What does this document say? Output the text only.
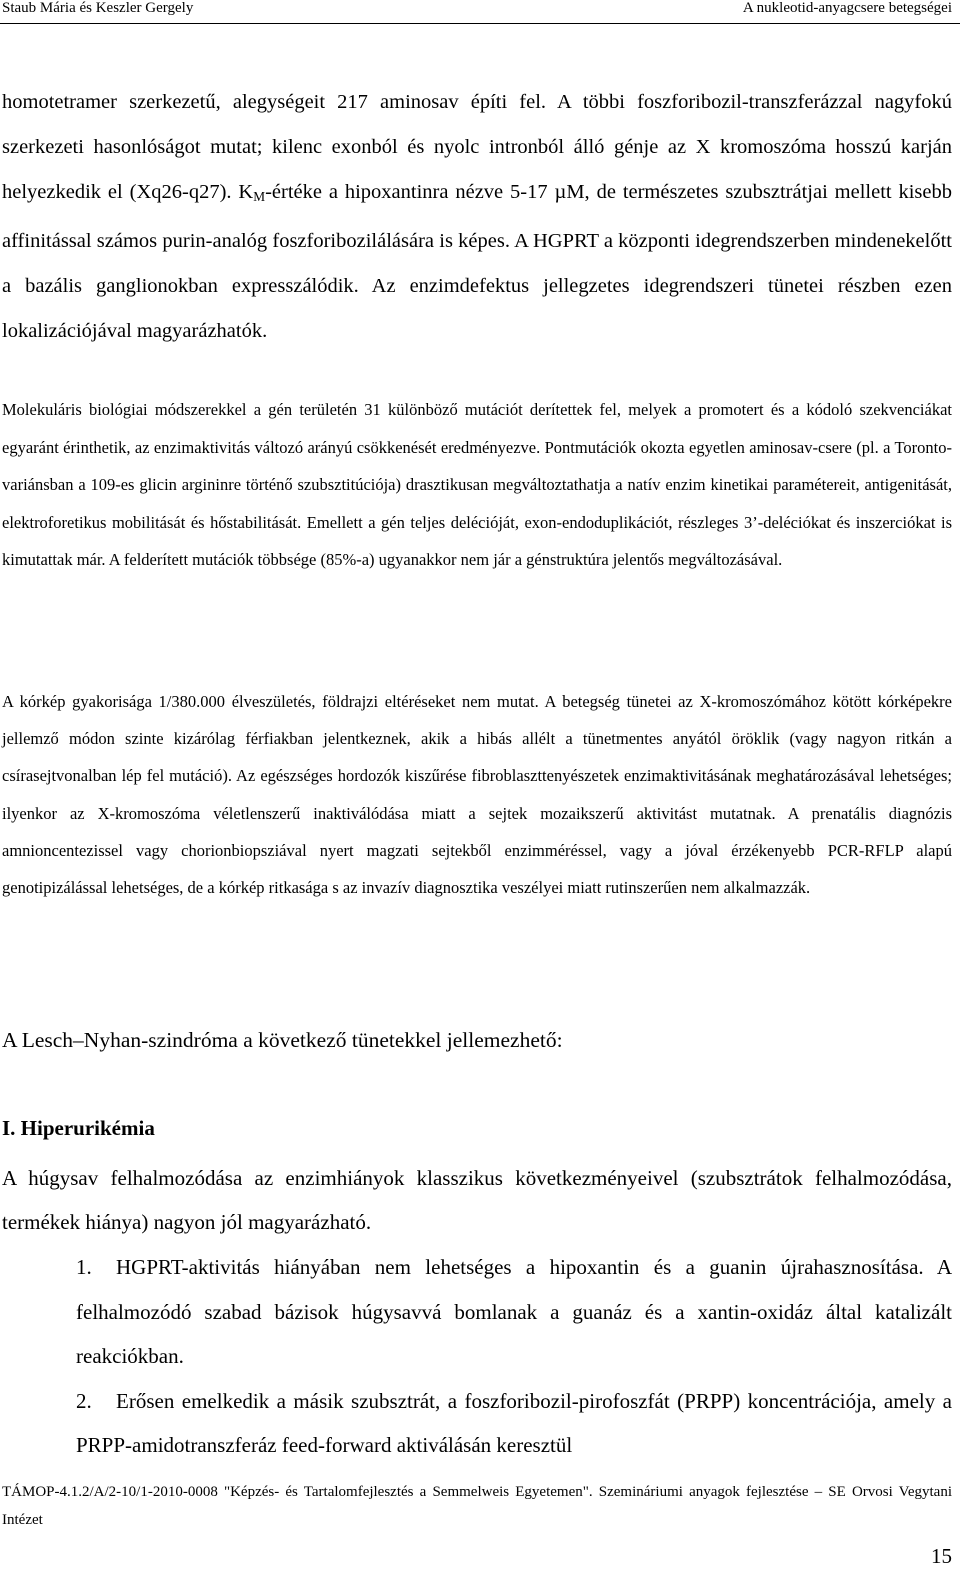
Staub Mária és Keszler Gergely	A nukleotid-anyagcsere betegségei

homotetramer szerkezetű, alegységeit 217 aminosav építi fel. A többi foszforibozil-transzferázzal nagyfokú szerkezeti hasonlóságot mutat; kilenc exonból és nyolc intronból álló génje az X kromoszóma hosszú karján helyezkedik el (Xq26-q27). $K_M$-értéke a hipoxantinra nézve 5-17 µM, de természetes szubsztrátjai mellett kisebb affinitással számos purin-analóg foszforibozilálására is képes. A HGPRT a központi idegrendszerben mindenekelőtt a bazális ganglionokban expresszálódik. Az enzimdefektus jellegzetes idegrendszeri tünetei részben ezen lokalizációjával magyarázhatók.

Molekuláris biológiai módszerekkel a gén területén 31 különböző mutációt derítettek fel, melyek a promotert és a kódoló szekvenciákat egyaránt érinthetik, az enzimaktivitás változó arányú csökkenését eredményezve. Pontmutációk okozta egyetlen aminosav-csere (pl. a Toronto-variánsban a 109-es glicin argininre történő szubsztitúciója) drasztikusan megváltoztathatja a natív enzim kinetikai paramétereit, antigenitását, elektroforetikus mobilitását és hőstabilitását. Emellett a gén teljes delécióját, exon-endoduplikációt, részleges 3’-deléciókat és inszerciókat is kimutattak már. A felderített mutációk többsége (85%-a) ugyanakkor nem jár a génstruktúra jelentős megváltozásával.

A kórkép gyakorisága 1/380.000 élveszületés, földrajzi eltéréseket nem mutat. A betegség tünetei az X-kromoszómához kötött kórképekre jellemző módon szinte kizárólag férfiakban jelentkeznek, akik a hibás allélt a tünetmentes anyától öröklik (vagy nagyon ritkán a csírasejtvonalban lép fel mutáció). Az egészséges hordozók kiszűrése fibroblaszttenyészetek enzimaktivitásának meghatározásával lehetséges; ilyenkor az X-kromoszóma véletlenszerű inaktiválódása miatt a sejtek mozaikszerű aktivitást mutatnak. A prenatális diagnózis amnioncentezissel vagy chorionbiopsziával nyert magzati sejtekből enzimméréssel, vagy a jóval érzékenyebb PCR-RFLP alapú genotipizálással lehetséges, de a kórkép ritkasága s az invazív diagnosztika veszélyei miatt rutinszerűen nem alkalmazzák.

A Lesch–Nyhan-szindróma a következő tünetekkel jellemezhető:

I. Hiperurikémia

A húgysav felhalmozódása az enzimhiányok klasszikus következményeivel (szubsztrátok felhalmozódása, termékek hiánya) nagyon jól magyarázható.

1.	HGPRT-aktivitás hiányában nem lehetséges a hipoxantin és a guanin újrahasznosítása. A felhalmozódó szabad bázisok húgysavvá bomlanak a guanáz és a xantin-oxidáz által katalizált reakciókban.
2.	Erősen emelkedik a másik szubsztrát, a foszforibozil-pirofoszfát (PRPP) koncentrációja, amely a PRPP-amidotranszferáz feed-forward aktiválásán keresztül

TÁMOP-4.1.2/A/2-10/1-2010-0008 "Képzés- és Tartalomfejlesztés a Semmelweis Egyetemen". Szemináriumi anyagok fejlesztése – SE Orvosi Vegytani Intézet

15
